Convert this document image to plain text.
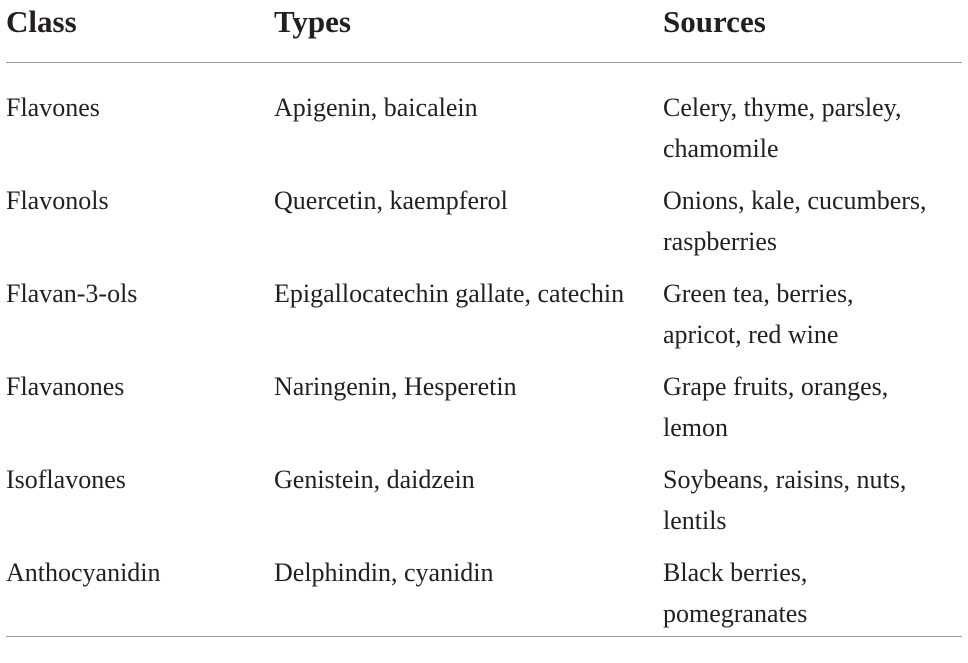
Class	Types	Sources
Flavones	Apigenin, baicalein	Celery, thyme, parsley,
chamomile
Flavonols	Quercetin, kaempferol	Onions, kale, cucumbers,
raspberries
Flavan-3-ols	Epigallocatechin gallate, catechin	Green tea, berries,
apricot, red wine
Flavanones	Naringenin, Hesperetin	Grape fruits, oranges,
lemon
Isoflavones	Genistein, daidzein	Soybeans, raisins, nuts,
lentils
Anthocyanidin	Delphindin, cyanidin	Black berries,
pomegranates
